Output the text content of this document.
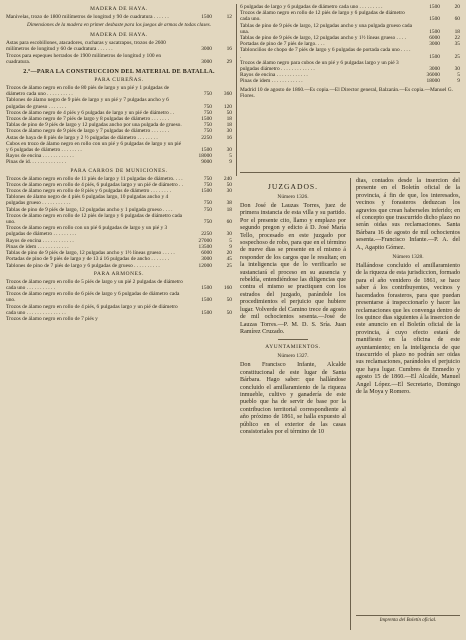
MADERA DE HAYA.
Manivelas, trozo de 1800 milímetros de longitud y 90 de cuadratura . . . . . .	1500	12
Dimensiones de la madera en primer desbaste para los juegos de armas de todas clases.
MADERA DE HAYA.
Astas para escobillones, atacadores, cucharas y sacatrapos, trozos de 2600 milímetros de longitud y 60 de cuadratura . . . . . .	3000	16
Trozos para espeques herrados de 1900 milímetros de longitud y 100 en cuadratura.	3000	29
2.º—PARA LA CONSTRUCCION DEL MATERIAL DE BATALLA.
PARA CUREÑAS.
Trozos de álamo negro en rollo de 80 piés de largo y un pié y 1 pulgadas de diámetro cada uno . . . . . . . . . .	750	360
Tablones de álamo negro de 9 piés de largo y un pié y 7 pulgadas ancho y 6 pulgadas de grueso . . . . . . .	750	120
Trozos de álamo negro de 4 piés y 6 pulgadas de largo y un pié de diámetro . .	750	50
Trozos de álamo negro de 7 piés de largo y 8 pulgadas de diámetro . . . . . . .	1500	18
Tablas de pino de 9 piés de largo y 12 pulgadas ancho por una pulgada de grueso.	750	18
Trozos de álamo negro de 9 piés de largo y 7 pulgadas de diámetro . . . . . . .	750	30
Astas de haya de 8 piés de largo y 2 ½ pulgadas de diámetro . . . . . . . .	2250	16
Cubos en trozo de álamo negro en rollo con un pié y 6 pulgadas de largo y un pié y 6 pulgadas de diámetro . . . . . . . .	1500	30
Rayos de encina . . . . . . . . . . . .	18000	5
Pinas de id. . . . . . . . . . . . . .	9000	9
PARA CARROS DE MUNICIONES.
Trozos de álamo negro en rollo de 11 piés de largo y 11 pulgadas de diámetro. . . .	750	240
Trozos de álamo negro en rollo de 4 piés, 6 pulgadas largo y un pié de diámetro . .	750	50
Trozos de álamo negro en rollo de 8 piés y 6 pulgadas de diámetro . . . . . . . .	1500	30
Tablones de álamo negro de 4 piés 6 pulgadas largo, 10 pulgadas ancho y 4 pulgadas grueso . . . . . . . . . . .	750	38
Tablas de pino de 9 piés de largo, 12 pulgadas ancho y 1 pulgada grueso . . . .	750	18
Trozos de álamo negro en rollo de 12 piés de largo y 6 pulgadas de diámetro cada uno.	750	60
Trozos de álamo negro en rollo con un pié 6 pulgadas de largo y un pié y 3 pulgadas de diámetro . . . . . . . . .	2250	30
Rayos de encina . . . . . . . . . . . .	27000	5
Pinas de idem . . . . . . . . . . . .	13500	9
Tablas de pino de 9 piés de largo, 12 pulgadas ancho y 1½ líneas grueso . . . . .	6000	20
Portadas de pino de 9 piés de largo y de 13 á 16 pulgadas de ancho . . . . . . .	3000	45
Tablones de pino de 7 piés de largo y 6 pulgadas de grueso . . . . . . . . . .	12000	25
PARA ARMONES.
Trozos de álamo negro en rollo de 5 piés de largo y un pié 2 pulgadas de diámetro cada uno . . . . . . . . . . .	1500	160
Trozos de álamo negro en rollo de 6 piés de largo y 6 pulgadas de diámetro cada uno.	1500	50
Trozos de álamo negro en rollo de 4 piés, 6 pulgadas largo y un pié de diámetro cada uno . . . . . . . . . . . . . . .	1500	50
Trozos de álamo negro en rollo de 7 piés y
6 pulgadas de largo y 6 pulgadas de diámetro cada uno . . . . . . . . .	1500	20
Trozos de álamo negro en rollo de 12 piés de largo y 6 pulgadas de diámetro cada uno.	1500	60
Tablas de pino de 9 piés de largo, 12 pulgadas ancho y una pulgada grueso cada una.	1500	18
Tablas de pino de 9 piés de largo, 12 pulgadas ancho y 1½ líneas grueso . . . .	6000	22
Portadas de pino de 7 piés de largo. . . .	3000	35
Tablonciños de chopo de 7 piés de largo y 6 pulgadas de portada cada uno . . . . .	1500	25
Trozos de álamo negro para cubos de un pié y 6 pulgadas largo y un pié 3 pulgadas diámetro . . . . . . . . . . . . .	3000	30
Rayos de encina . . . . . . . . . . . .	36000	5
Pinas de idem . . . . . . . . . . . .	18000	9
Madrid 10 de agosto de 1860.—Es copia.—El Director general, Balzarán.—Es copia.—Manuel G. Flores.
JUZGADOS.
Número 1326.

Don José de Lauzas Torres, juez de primera instancia de esta villa y su partido. Por el presente cito, llamo y emplazo por segundo pregon y edicto á D. José María Tello, procesado en este juzgado por sospechoso de robo, para que en el término de nueve dias se presente en el mismo á responder de los cargos que le resultan; en la inteligencia que de lo verificarlo se sustanciará el proceso en su ausencia y rebeldía, entendiéndose las diligencias que contra el mismo se practiquen con los estrados del juzgado, parándole los procedimientos el perjuicio que hubiere lugar. Volverde del Camino trece de agosto de mil ochocientos sesenta.—José de Lauzas Torres.—P. M. D. S. Sría. Juan Ramírez Cruzado.

AYUNTAMIENTOS.
Número 1327.

Don Francisco Infante, Alcalde constitucional de este lugar de Santa Bárbara. Hago saber: que hallándose concluido el amillaramiento de la riqueza inmueble, cultivo y ganadería de este pueblo que ha de servir de base por la contribucion territorial correspondiente al año próximo de 1861, se halla expuesto al público en el exterior de las casas consistoriales por el término de 10

dias, contados desde la insercion del presente en el Boletín oficial de la provincia, á fin de que, los interesados, vecinos y forasteros deduzcan los agravios que crean haberseles inferido; en el concepto que trascurrido dicho plazo no serán oidas sus reclamaciones. Santa Bárbara 16 de agosto de mil ochocientos sesenta.—Francisco Infante.—P. A. del A., Agapito Gómez.

Número 1328.

Hallándose concluido el amillaramiento de la riqueza de esta jurisdiccion, formado para el año venidero de 1861, se hace saber á los contribuyentes, vecinos y hacendados forasteros, para que puedan presentarse á inspeccionarlo y hacer las reclamaciones que les convenga dentro de los quince dias siguientes á la insercion de este anuncio en el Boletín oficial de la provincia, á cuyo efecto estará de manifiesto en la oficina de este ayuntamiento; en la inteligencia de que trascurrido el plazo no podrán ser oidas sus reclamaciones, parándoles el perjuicio que haya lugar. Cumbres de Enmedio y agosto 15 de 1860.—El Alcalde, Manuel Angel López.—El Secretario, Domingo de la Moya y Romero.

Imprenta del Boletín oficial.
